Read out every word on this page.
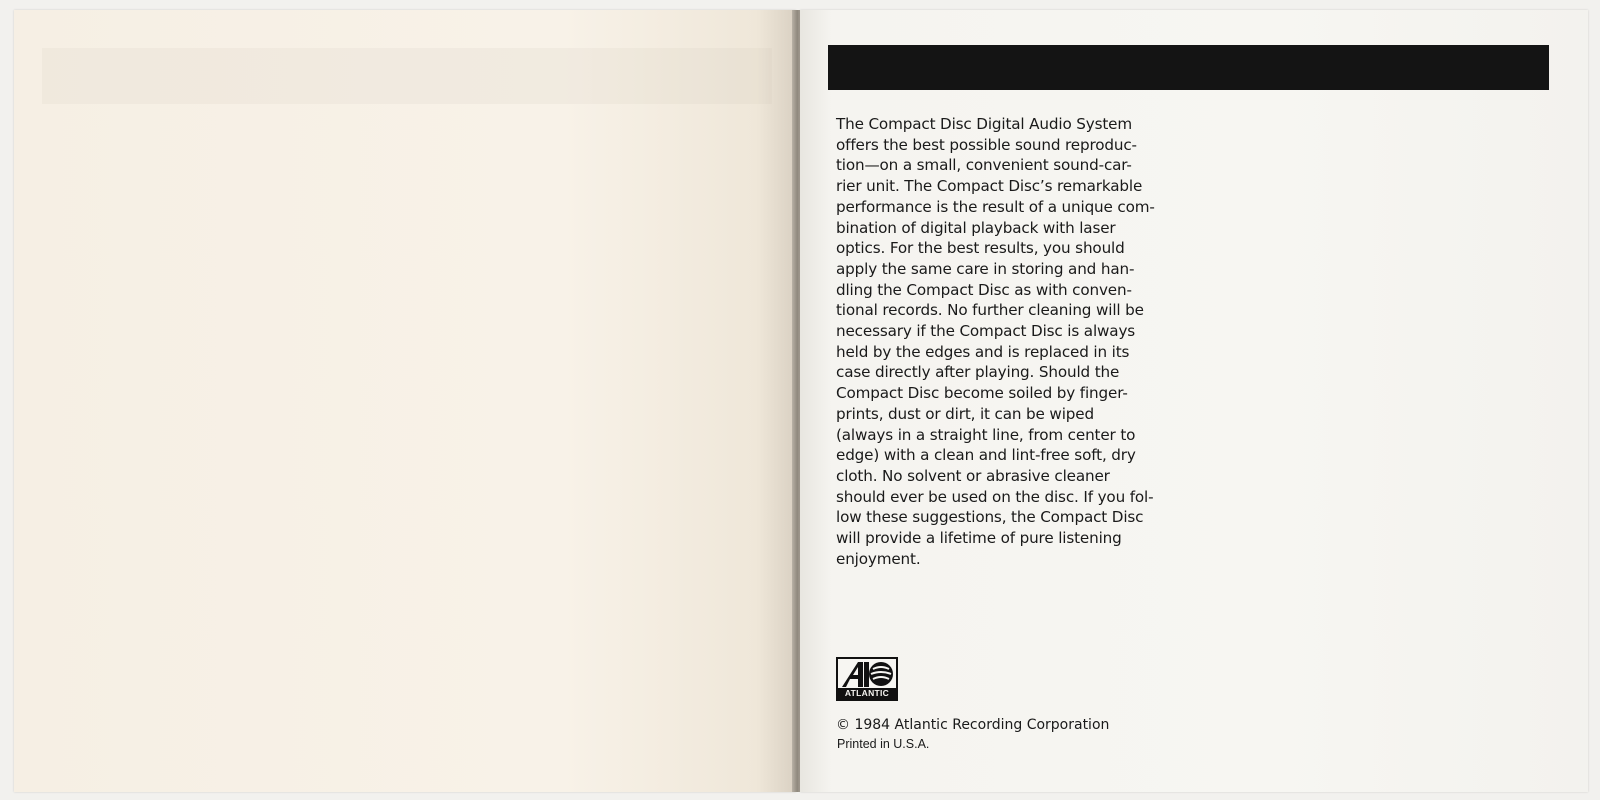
The Compact Disc Digital Audio System
offers the best possible sound reproduc-
tion—on a small, convenient sound-car-
rier unit. The Compact Disc’s remarkable
performance is the result of a unique com-
bination of digital playback with laser
optics. For the best results, you should
apply the same care in storing and han-
dling the Compact Disc as with conven-
tional records. No further cleaning will be
necessary if the Compact Disc is always
held by the edges and is replaced in its
case directly after playing. Should the
Compact Disc become soiled by finger-
prints, dust or dirt, it can be wiped
(always in a straight line, from center to
edge) with a clean and lint-free soft, dry
cloth. No solvent or abrasive cleaner
should ever be used on the disc. If you fol-
low these suggestions, the Compact Disc
will provide a lifetime of pure listening
enjoyment.
ATLANTIC
© 1984 Atlantic Recording Corporation
Printed in U.S.A.
